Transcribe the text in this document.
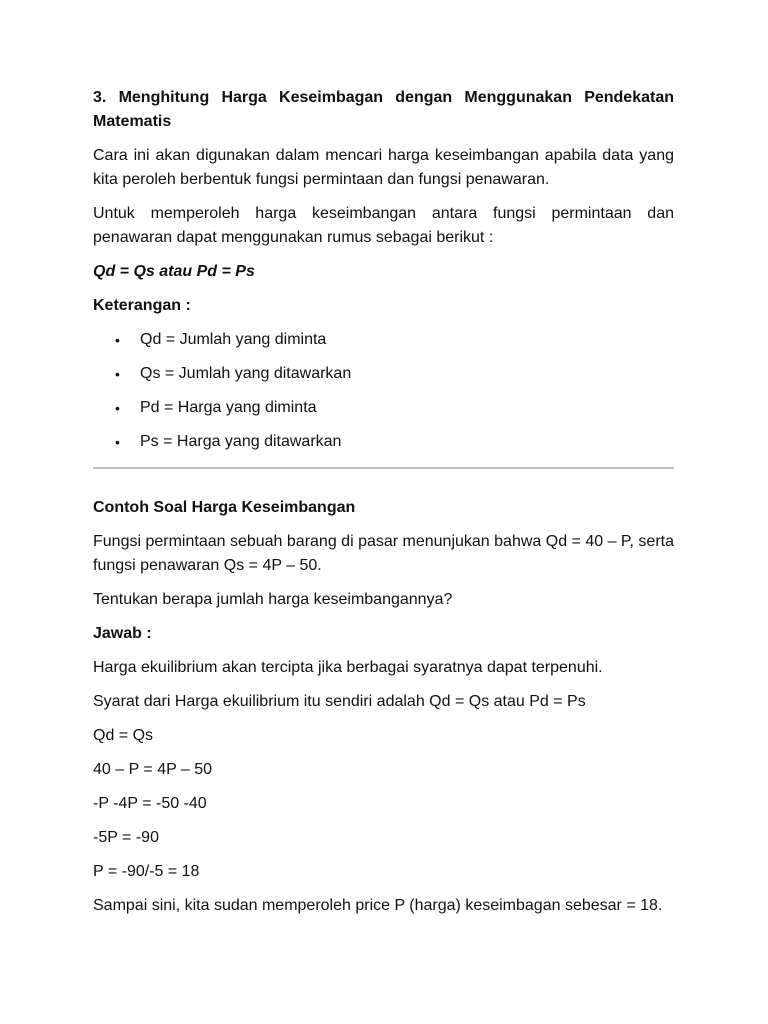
3. Menghitung Harga Keseimbagan dengan Menggunakan Pendekatan Matematis

Cara ini akan digunakan dalam mencari harga keseimbangan apabila data yang kita peroleh berbentuk fungsi permintaan dan fungsi penawaran.

Untuk memperoleh harga keseimbangan antara fungsi permintaan dan penawaran dapat menggunakan rumus sebagai berikut :

Qd = Qs atau Pd = Ps

Keterangan :

• Qd = Jumlah yang diminta
• Qs = Jumlah yang ditawarkan
• Pd = Harga yang diminta
• Ps = Harga yang ditawarkan

Contoh Soal Harga Keseimbangan

Fungsi permintaan sebuah barang di pasar menunjukan bahwa Qd = 40 – P, serta fungsi penawaran Qs = 4P – 50.

Tentukan berapa jumlah harga keseimbangannya?

Jawab :

Harga ekuilibrium akan tercipta jika berbagai syaratnya dapat terpenuhi.

Syarat dari Harga ekuilibrium itu sendiri adalah Qd = Qs atau Pd = Ps

Qd = Qs

40 – P = 4P – 50

-P -4P = -50 -40

-5P = -90

P = -90/-5 = 18

Sampai sini, kita sudan memperoleh price P (harga) keseimbagan sebesar = 18.
